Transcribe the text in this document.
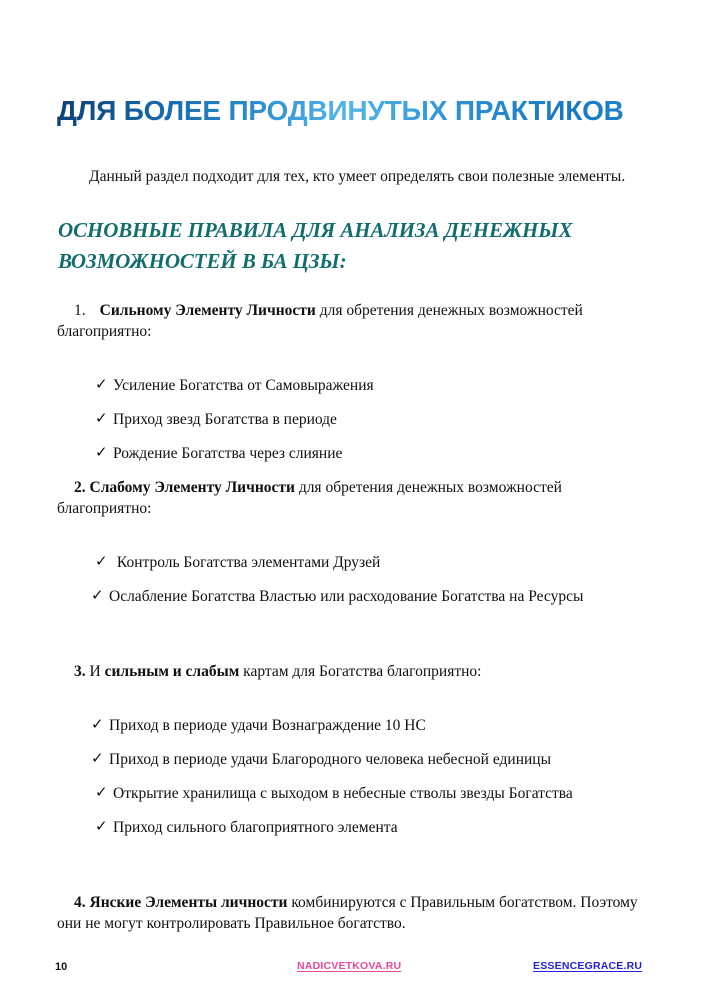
ДЛЯ БОЛЕЕ ПРОДВИНУТЫХ ПРАКТИКОВ

Данный раздел подходит для тех, кто умеет определять свои полезные элементы.

ОСНОВНЫЕ ПРАВИЛА ДЛЯ АНАЛИЗА ДЕНЕЖНЫХ
ВОЗМОЖНОСТЕЙ В БА ЦЗЫ:

1. Сильному Элементу Личности для обретения денежных возможностей благоприятно:

✓ Усиление Богатства от Самовыражения
✓ Приход звезд Богатства в периоде
✓ Рождение Богатства через слияние

2. Слабому Элементу Личности для обретения денежных возможностей благоприятно:

✓ Контроль Богатства элементами Друзей
✓ Ослабление Богатства Властью или расходование Богатства на Ресурсы

3. И сильным и слабым картам для Богатства благоприятно:

✓ Приход в периоде удачи Вознаграждение 10 НС
✓ Приход в периоде удачи Благородного человека небесной единицы
✓ Открытие хранилища с выходом в небесные стволы звезды Богатства
✓ Приход сильного благоприятного элемента

4. Янские Элементы личности комбинируются с Правильным богатством. Поэтому они не могут контролировать Правильное богатство.

10	NADICVETKOVA.RU	ESSENCEGRACE.RU
